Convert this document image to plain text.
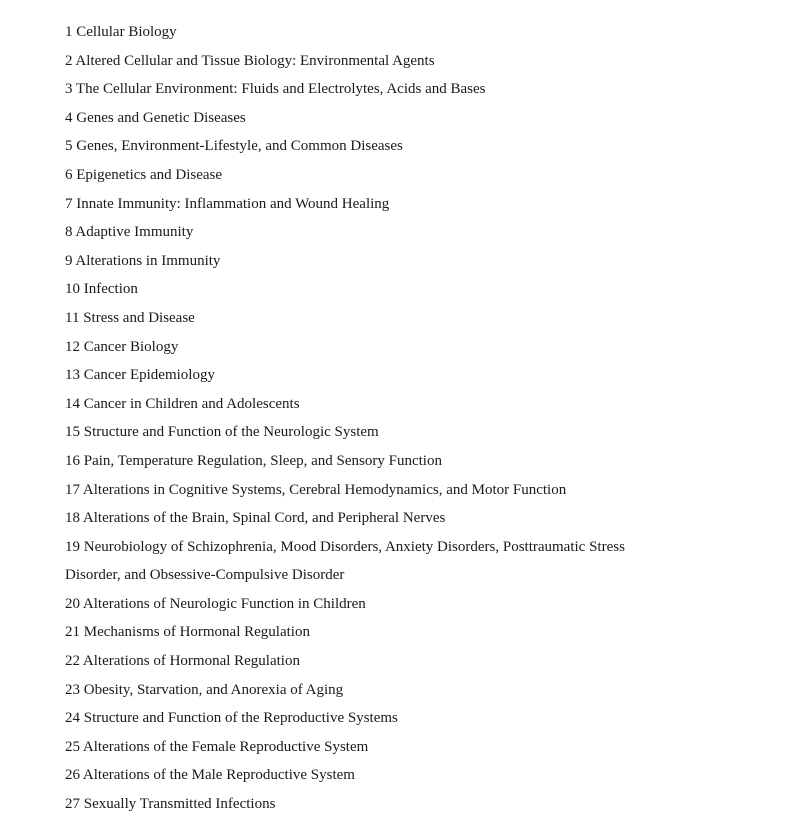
1 Cellular Biology
2 Altered Cellular and Tissue Biology: Environmental Agents
3 The Cellular Environment: Fluids and Electrolytes, Acids and Bases
4 Genes and Genetic Diseases
5 Genes, Environment-Lifestyle, and Common Diseases
6 Epigenetics and Disease
7 Innate Immunity: Inflammation and Wound Healing
8 Adaptive Immunity
9 Alterations in Immunity
10 Infection
11 Stress and Disease
12 Cancer Biology
13 Cancer Epidemiology
14 Cancer in Children and Adolescents
15 Structure and Function of the Neurologic System
16 Pain, Temperature Regulation, Sleep, and Sensory Function
17 Alterations in Cognitive Systems, Cerebral Hemodynamics, and Motor Function
18 Alterations of the Brain, Spinal Cord, and Peripheral Nerves
19 Neurobiology of Schizophrenia, Mood Disorders, Anxiety Disorders, Posttraumatic Stress
Disorder, and Obsessive-Compulsive Disorder
20 Alterations of Neurologic Function in Children
21 Mechanisms of Hormonal Regulation
22 Alterations of Hormonal Regulation
23 Obesity, Starvation, and Anorexia of Aging
24 Structure and Function of the Reproductive Systems
25 Alterations of the Female Reproductive System
26 Alterations of the Male Reproductive System
27 Sexually Transmitted Infections
